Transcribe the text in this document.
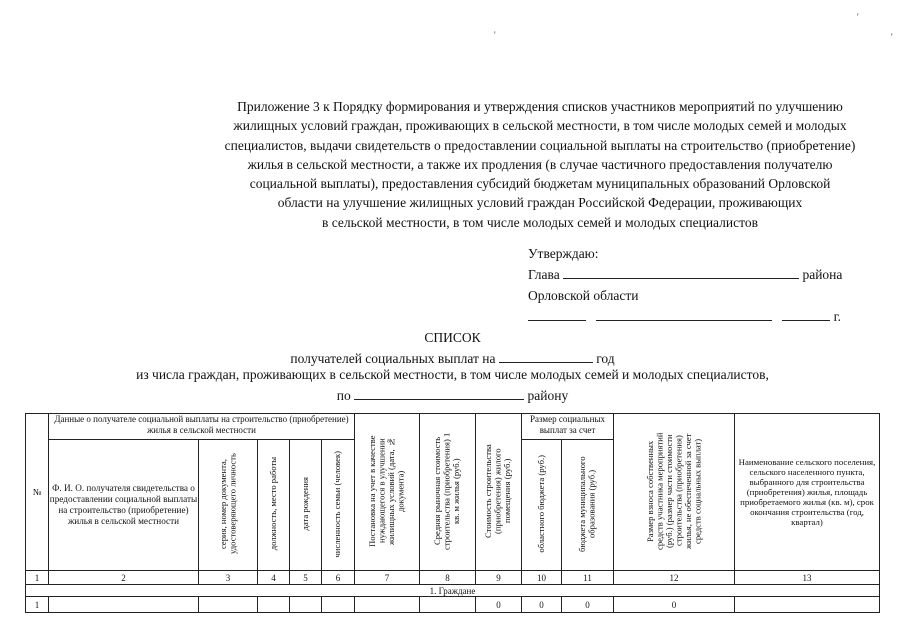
'
'
'
Приложение 3 к Порядку формирования и утверждения списков участников мероприятий по улучшению
жилищных условий граждан, проживающих в сельской местности, в том числе молодых семей и молодых
специалистов, выдачи свидетельств о предоставлении социальной выплаты на строительство (приобретение)
жилья в сельской местности, а также их продления (в случае частичного предоставления получателю
социальной выплаты), предоставления субсидий бюджетам муниципальных образований Орловской
области на улучшение жилищных условий граждан Российской Федерации, проживающих
в сельской местности, в том числе молодых семей и молодых специалистов
Утверждаю:
Глава	района
Орловской области
г.
СПИСОК
получателей социальных выплат на	год
из числа граждан, проживающих в сельской местности, в том числе молодых семей и молодых специалистов,
по	району
№	Данные о получателе социальной выплаты на строительство (приобретение) жилья в сельской местности					Постановка на учет в качестве нуждающегося в улучшении жилищных условий (дата, № документа)	Средняя рыночная стоимость строительства (приобретения) 1 кв. м жилья (руб.)	Стоимость строительства (приобретения) жилого помещения (руб.)	Размер социальных выплат за счет		Размер взноса собственных средств участника мероприятий (руб.) (размер части стоимости строительства (приобретения) жилья, не обеспеченной за счет средств социальных выплат)	Наименование сельского поселения, сельского населенного пункта, выбранного для строительства (приобретения) жилья, площадь приобретаемого жилья (кв. м), срок окончания строительства (год, квартал)
	Ф. И. О. получателя свидетельства о предоставлении социальной выплаты на строительство (приобретение) жилья в сельской местности	серия, номер документа, удостоверяющего личность	должность, место работы	дата рождения	численность семьи (человек)				областного бюджета (руб.)	бюджета муниципального образования (руб.)		
1	2	3	4	5	6	7	8	9	10	11	12	13
1. Граждане												
1								0	0	0	0	
